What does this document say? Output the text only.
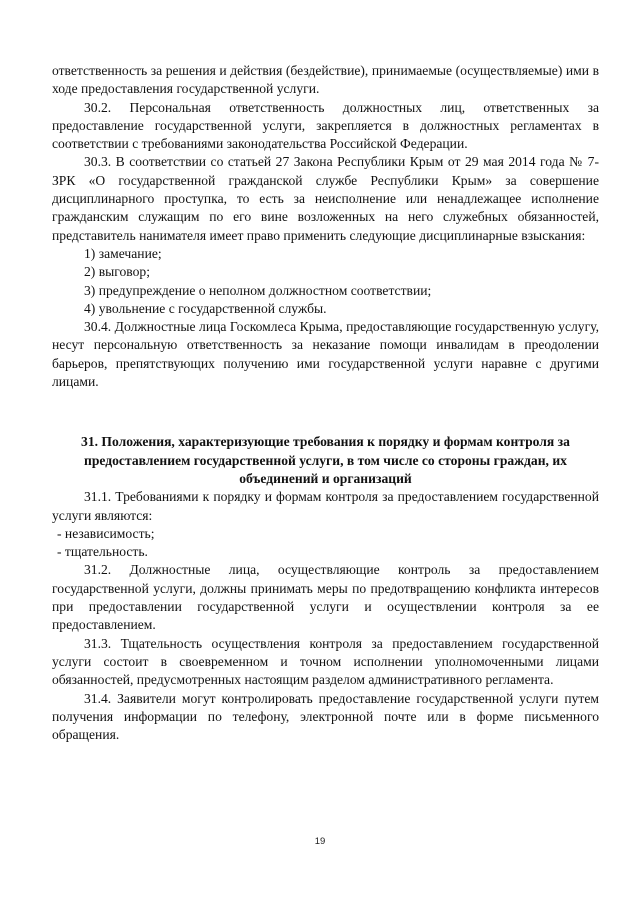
ответственность за решения и действия (бездействие), принимаемые (осуществляемые) ими в ходе предоставления государственной услуги.

30.2. Персональная ответственность должностных лиц, ответственных за предоставление государственной услуги, закрепляется в должностных регламентах в соответствии с требованиями законодательства Российской Федерации.

30.3. В соответствии со статьей 27 Закона Республики Крым от 29 мая 2014 года № 7-ЗРК «О государственной гражданской службе Республики Крым» за совершение дисциплинарного проступка, то есть за неисполнение или ненадлежащее исполнение гражданским служащим по его вине возложенных на него служебных обязанностей, представитель нанимателя имеет право применить следующие дисциплинарные взыскания:

1) замечание;

2) выговор;

3) предупреждение о неполном должностном соответствии;

4) увольнение с государственной службы.

30.4. Должностные лица Госкомлеса Крыма, предоставляющие государственную услугу, несут персональную ответственность за неказание помощи инвалидам в преодолении барьеров, препятствующих получению ими государственной услуги наравне с другими лицами.

31. Положения, характеризующие требования к порядку и формам контроля за предоставлением государственной услуги, в том числе со стороны граждан, их объединений и организаций

31.1. Требованиями к порядку и формам контроля за предоставлением государственной услуги являются:

- независимость;

- тщательность.

31.2. Должностные лица, осуществляющие контроль за предоставлением государственной услуги, должны принимать меры по предотвращению конфликта интересов при предоставлении государственной услуги и осуществлении контроля за ее предоставлением.

31.3. Тщательность осуществления контроля за предоставлением государственной услуги состоит в своевременном и точном исполнении уполномоченными лицами обязанностей, предусмотренных настоящим разделом административного регламента.

31.4. Заявители могут контролировать предоставление государственной услуги путем получения информации по телефону, электронной почте или в форме письменного обращения.

19
